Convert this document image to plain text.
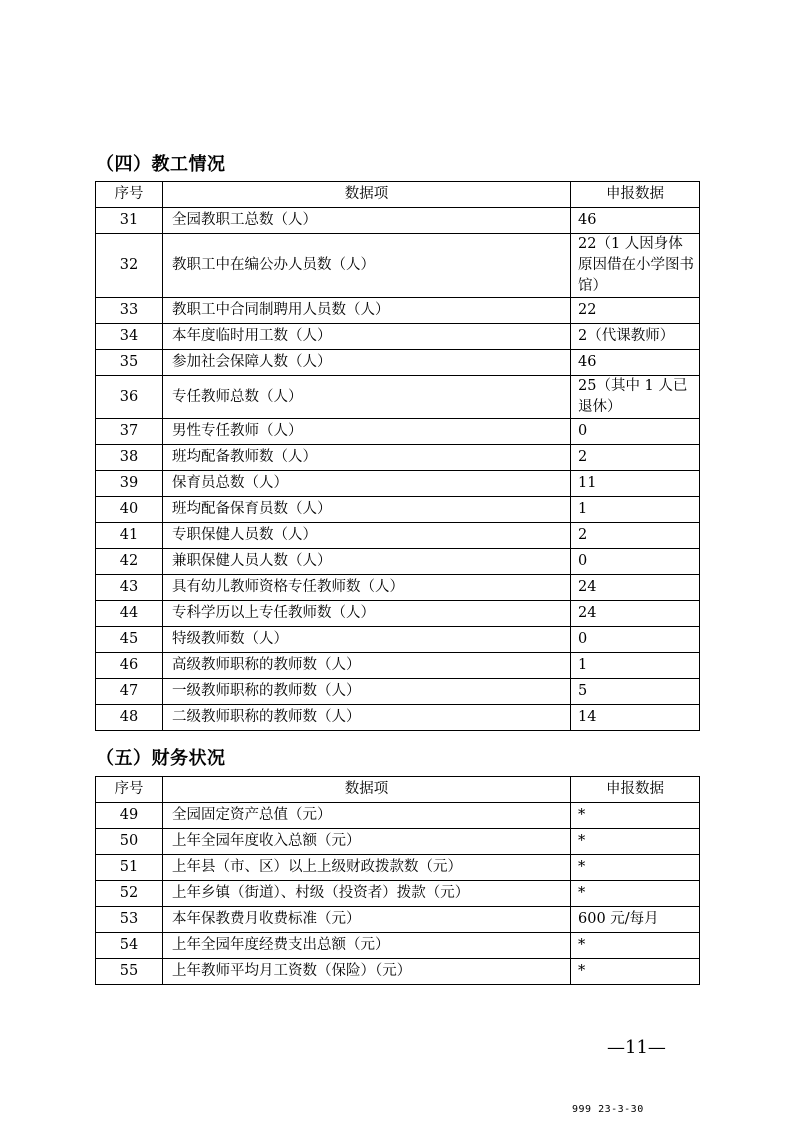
（四）教工情况
序号	数据项	申报数据
31	全园教职工总数（人）	46
32	教职工中在编公办人员数（人）	22（1 人因身体原因借在小学图书馆）
33	教职工中合同制聘用人员数（人）	22
34	本年度临时用工数（人）	2（代课教师）
35	参加社会保障人数（人）	46
36	专任教师总数（人）	25（其中 1 人已退休）
37	男性专任教师（人）	0
38	班均配备教师数（人）	2
39	保育员总数（人）	11
40	班均配备保育员数（人）	1
41	专职保健人员数（人）	2
42	兼职保健人员人数（人）	0
43	具有幼儿教师资格专任教师数（人）	24
44	专科学历以上专任教师数（人）	24
45	特级教师数（人）	0
46	高级教师职称的教师数（人）	1
47	一级教师职称的教师数（人）	5
48	二级教师职称的教师数（人）	14
（五）财务状况
序号	数据项	申报数据
49	全园固定资产总值（元）	*
50	上年全园年度收入总额（元）	*
51	上年县（市、区）以上上级财政拨款数（元）	*
52	上年乡镇（街道）、村级（投资者）拨款（元）	*
53	本年保教费月收费标准（元）	600 元/每月
54	上年全园年度经费支出总额（元）	*
55	上年教师平均月工资数（保险）（元）	*
—11—
999 23-3-30
